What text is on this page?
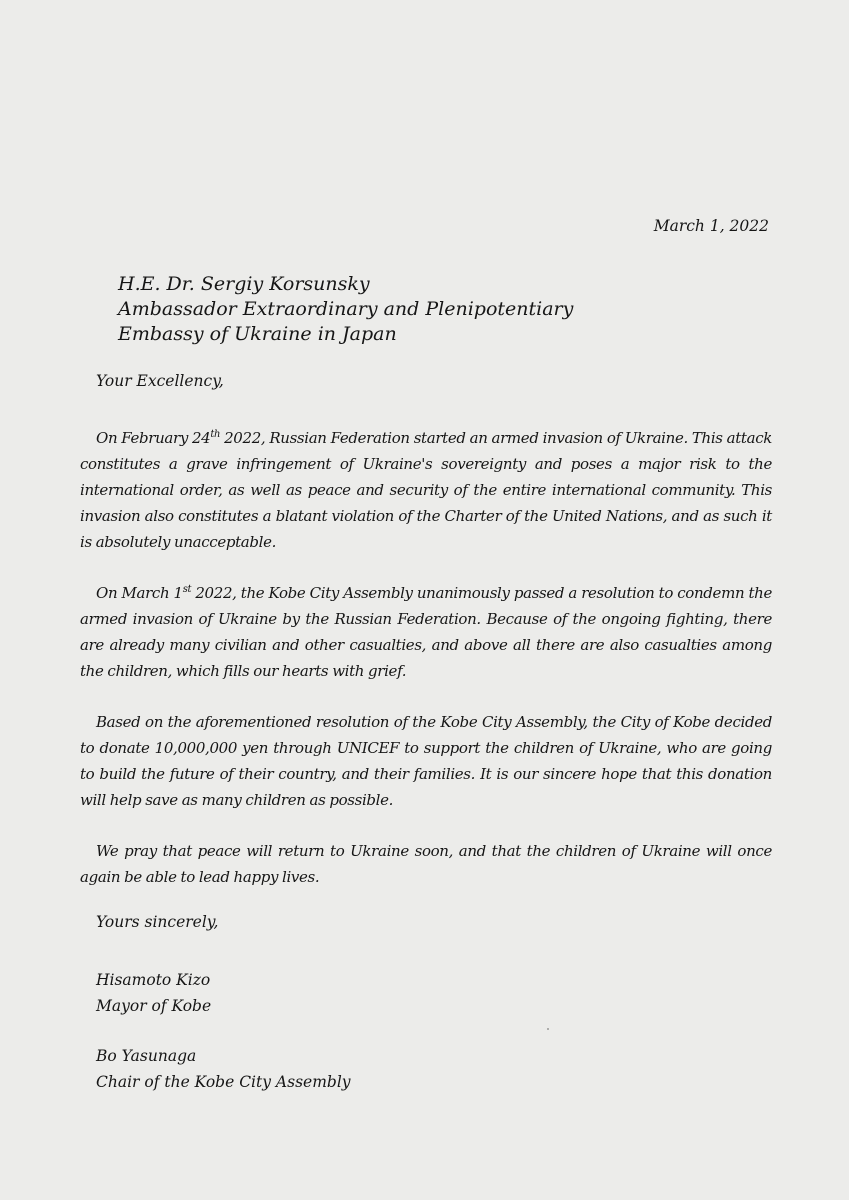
March 1, 2022
H.E. Dr. Sergiy Korsunsky
Ambassador Extraordinary and Plenipotentiary
Embassy of Ukraine in Japan
Your Excellency,

On February 24th 2022, Russian Federation started an armed invasion of Ukraine. This attack constitutes a grave infringement of Ukraine's sovereignty and poses a major risk to the international order, as well as peace and security of the entire international community. This invasion also constitutes a blatant violation of the Charter of the United Nations, and as such it is absolutely unacceptable.

On March 1st 2022, the Kobe City Assembly unanimously passed a resolution to condemn the armed invasion of Ukraine by the Russian Federation. Because of the ongoing fighting, there are already many civilian and other casualties, and above all there are also casualties among the children, which fills our hearts with grief.

Based on the aforementioned resolution of the Kobe City Assembly, the City of Kobe decided to donate 10,000,000 yen through UNICEF to support the children of Ukraine, who are going to build the future of their country, and their families. It is our sincere hope that this donation will help save as many children as possible.

We pray that peace will return to Ukraine soon, and that the children of Ukraine will once again be able to lead happy lives.

Yours sincerely,
Hisamoto Kizo
Mayor of Kobe
Bo Yasunaga
Chair of the Kobe City Assembly
